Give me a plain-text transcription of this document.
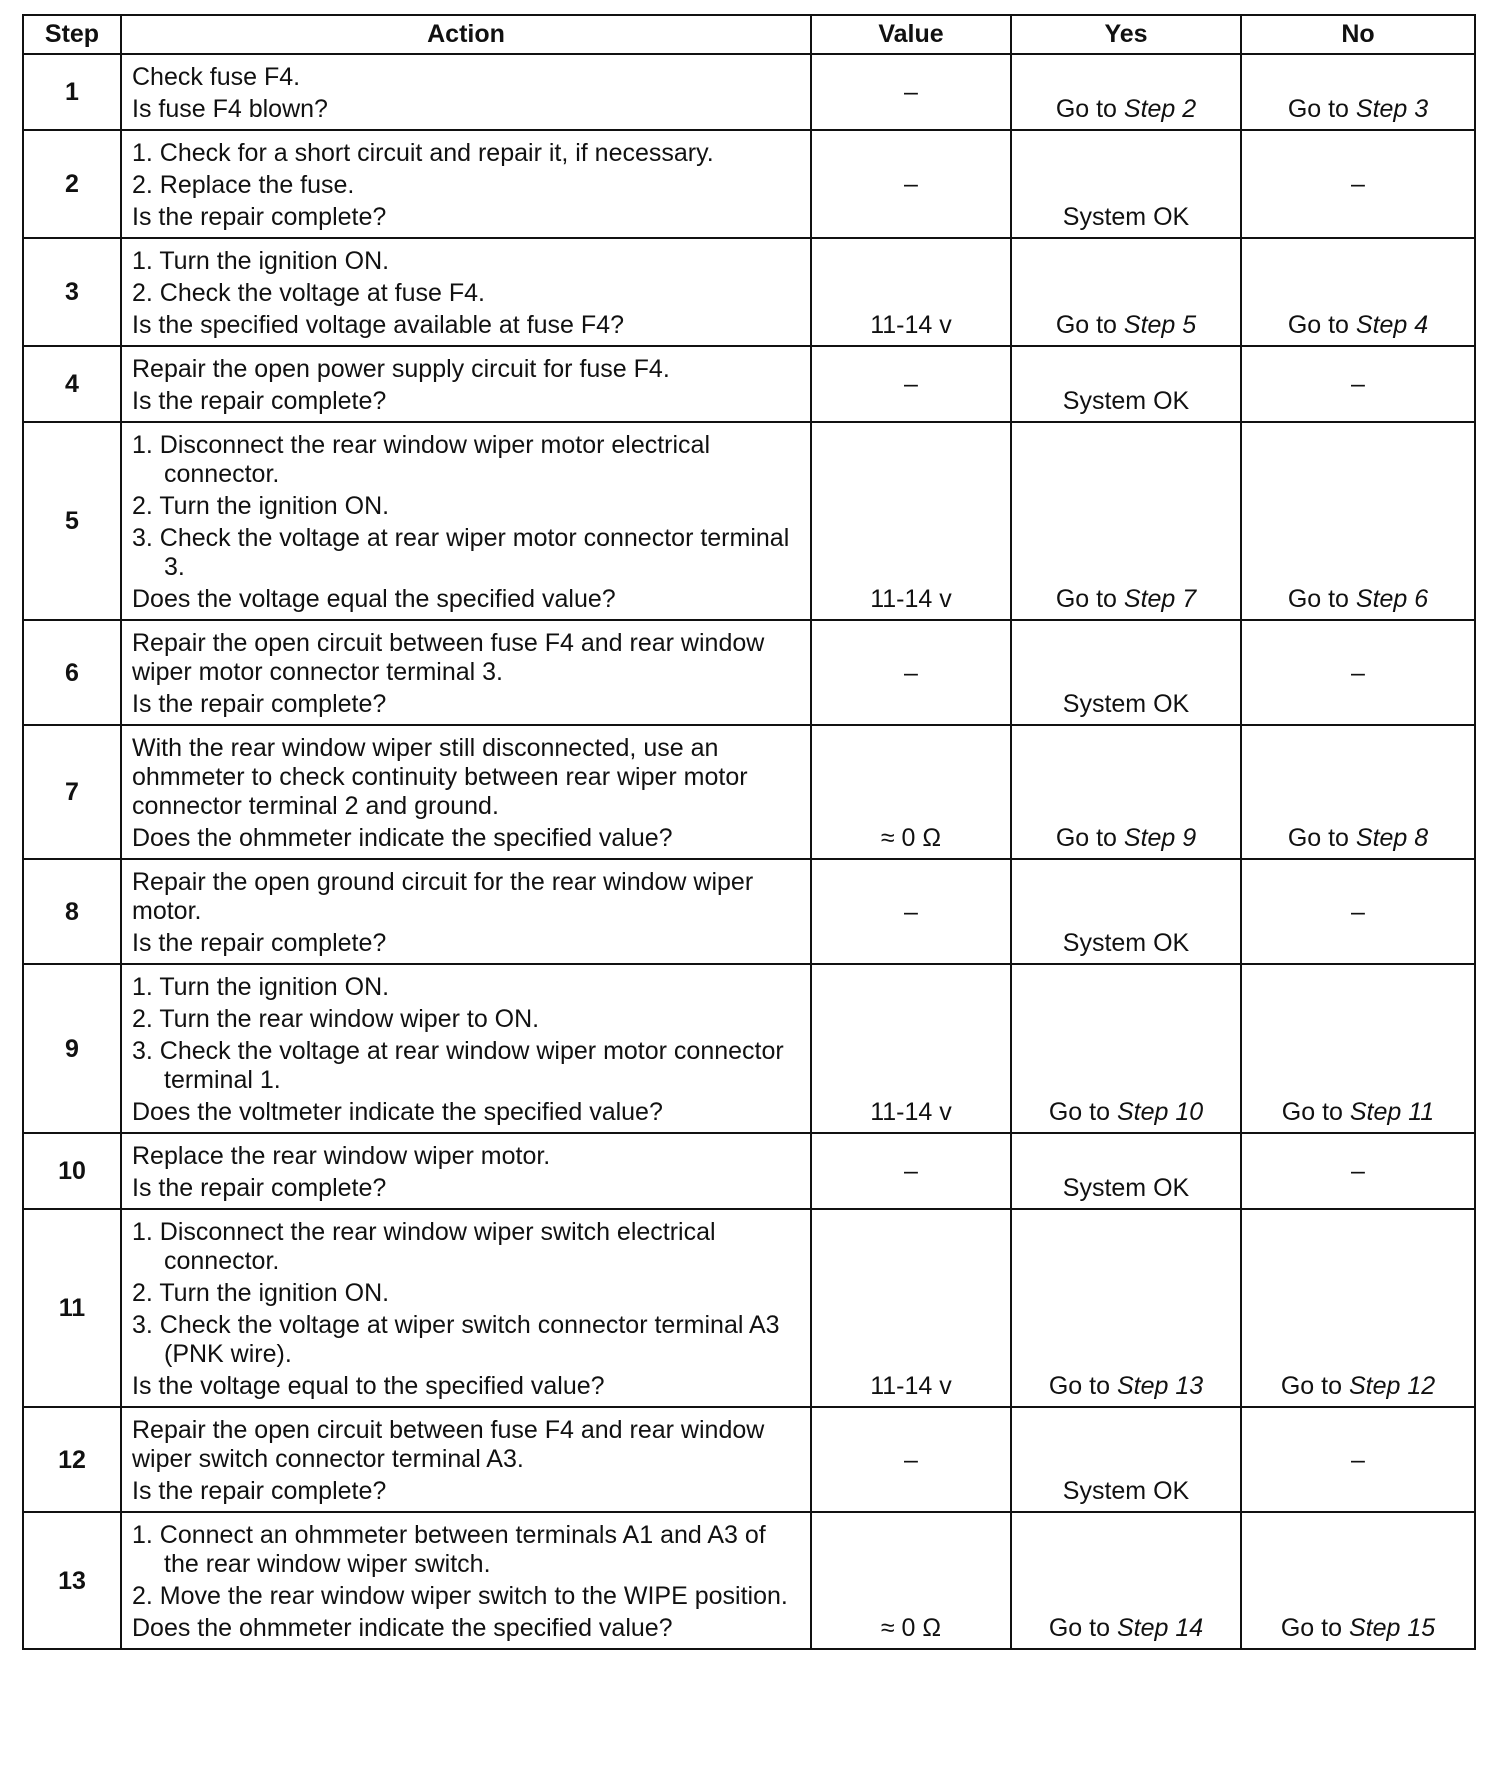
Step	Action	Value	Yes	No
1	Check fuse F4.
Is fuse F4 blown?	–	Go to Step 2	Go to Step 3
2	1. Check for a short circuit and repair it, if necessary.
2. Replace the fuse.
Is the repair complete?	–	System OK	–
3	1. Turn the ignition ON.
2. Check the voltage at fuse F4.
Is the specified voltage available at fuse F4?	11-14 v	Go to Step 5	Go to Step 4
4	Repair the open power supply circuit for fuse F4.
Is the repair complete?	–	System OK	–
5	1. Disconnect the rear window wiper motor electrical connector.
2. Turn the ignition ON.
3. Check the voltage at rear wiper motor connector terminal 3.
Does the voltage equal the specified value?	11-14 v	Go to Step 7	Go to Step 6
6	Repair the open circuit between fuse F4 and rear window wiper motor connector terminal 3.
Is the repair complete?	–	System OK	–
7	With the rear window wiper still disconnected, use an ohmmeter to check continuity between rear wiper motor connector terminal 2 and ground.
Does the ohmmeter indicate the specified value?	≈ 0 Ω	Go to Step 9	Go to Step 8
8	Repair the open ground circuit for the rear window wiper motor.
Is the repair complete?	–	System OK	–
9	1. Turn the ignition ON.
2. Turn the rear window wiper to ON.
3. Check the voltage at rear window wiper motor connector terminal 1.
Does the voltmeter indicate the specified value?	11-14 v	Go to Step 10	Go to Step 11
10	Replace the rear window wiper motor.
Is the repair complete?	–	System OK	–
11	1. Disconnect the rear window wiper switch electrical connector.
2. Turn the ignition ON.
3. Check the voltage at wiper switch connector terminal A3 (PNK wire).
Is the voltage equal to the specified value?	11-14 v	Go to Step 13	Go to Step 12
12	Repair the open circuit between fuse F4 and rear window wiper switch connector terminal A3.
Is the repair complete?	–	System OK	–
13	1. Connect an ohmmeter between terminals A1 and A3 of the rear window wiper switch.
2. Move the rear window wiper switch to the WIPE position.
Does the ohmmeter indicate the specified value?	≈ 0 Ω	Go to Step 14	Go to Step 15
